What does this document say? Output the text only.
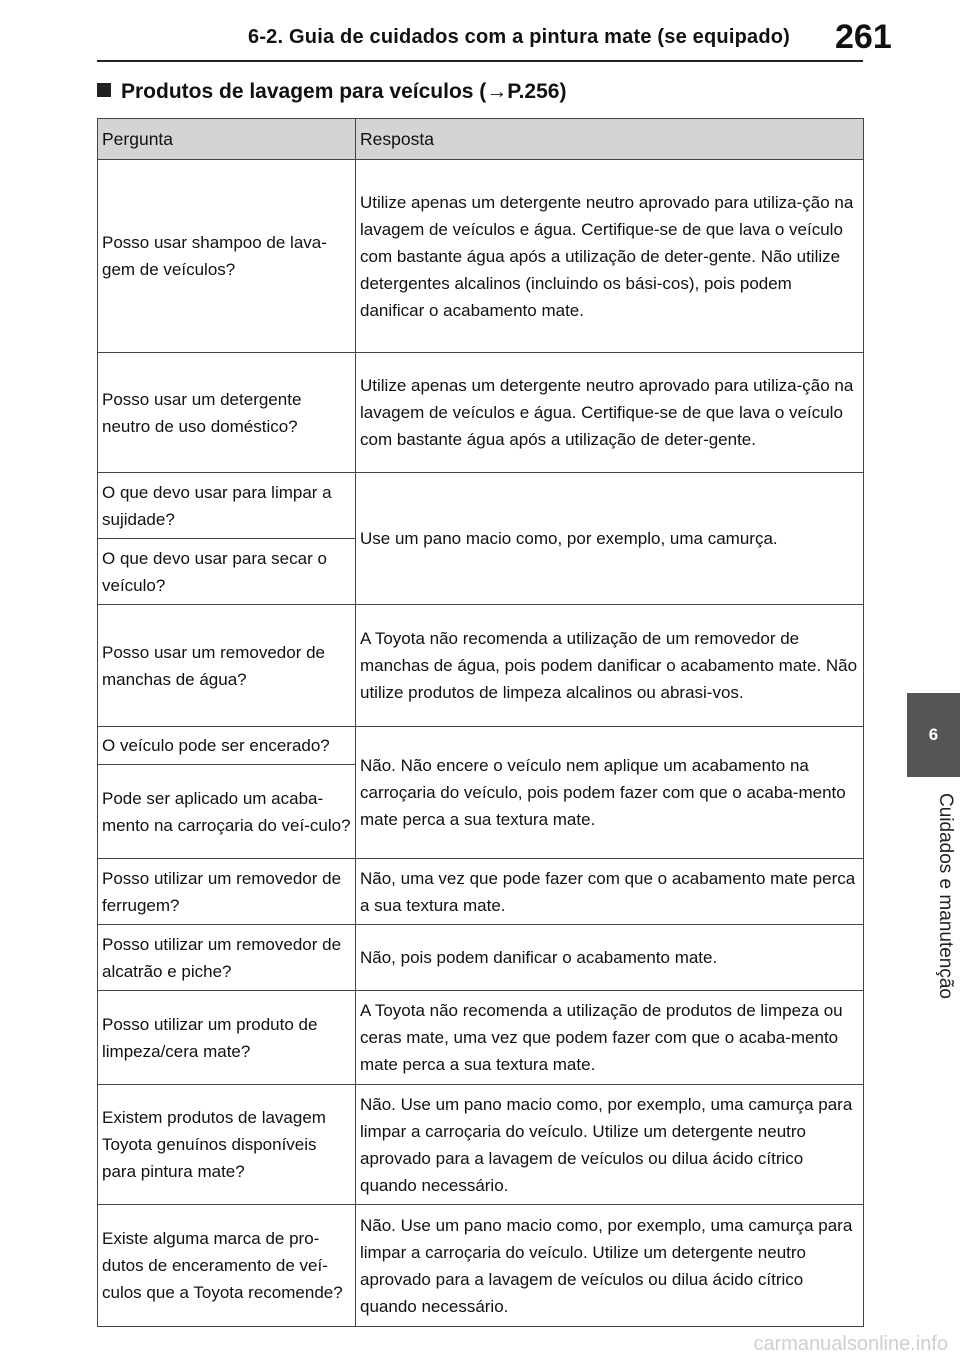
6-2. Guia de cuidados com a pintura mate (se equipado) 261
Produtos de lavagem para veículos (→P.256)
6
Cuidados e manutenção
Pergunta	Resposta
Posso usar shampoo de lava-gem de veículos?	Utilize apenas um detergente neutro aprovado para utiliza-ção na lavagem de veículos e água. Certifique-se de que lava o veículo com bastante água após a utilização de deter-gente. Não utilize detergentes alcalinos (incluindo os bási-cos), pois podem danificar o acabamento mate.
Posso usar um detergente neutro de uso doméstico?	Utilize apenas um detergente neutro aprovado para utiliza-ção na lavagem de veículos e água. Certifique-se de que lava o veículo com bastante água após a utilização de deter-gente.
O que devo usar para limpar a sujidade?	Use um pano macio como, por exemplo, uma camurça.
O que devo usar para secar o veículo?	
Posso usar um removedor de manchas de água?	A Toyota não recomenda a utilização de um removedor de manchas de água, pois podem danificar o acabamento mate. Não utilize produtos de limpeza alcalinos ou abrasi-vos.
O veículo pode ser encerado?	Não. Não encere o veículo nem aplique um acabamento na carroçaria do veículo, pois podem fazer com que o acaba-mento mate perca a sua textura mate.
Pode ser aplicado um acaba-mento na carroçaria do veí-culo?	
Posso utilizar um removedor de ferrugem?	Não, uma vez que pode fazer com que o acabamento mate perca a sua textura mate.
Posso utilizar um removedor de alcatrão e piche?	Não, pois podem danificar o acabamento mate.
Posso utilizar um produto de limpeza/cera mate?	A Toyota não recomenda a utilização de produtos de limpeza ou ceras mate, uma vez que podem fazer com que o acaba-mento mate perca a sua textura mate.
Existem produtos de lavagem Toyota genuínos disponíveis para pintura mate?	Não. Use um pano macio como, por exemplo, uma camurça para limpar a carroçaria do veículo. Utilize um detergente neutro aprovado para a lavagem de veículos ou dilua ácido cítrico quando necessário.
Existe alguma marca de pro-dutos de enceramento de veí-culos que a Toyota recomende?	Não. Use um pano macio como, por exemplo, uma camurça para limpar a carroçaria do veículo. Utilize um detergente neutro aprovado para a lavagem de veículos ou dilua ácido cítrico quando necessário.
carmanualsonline.info
